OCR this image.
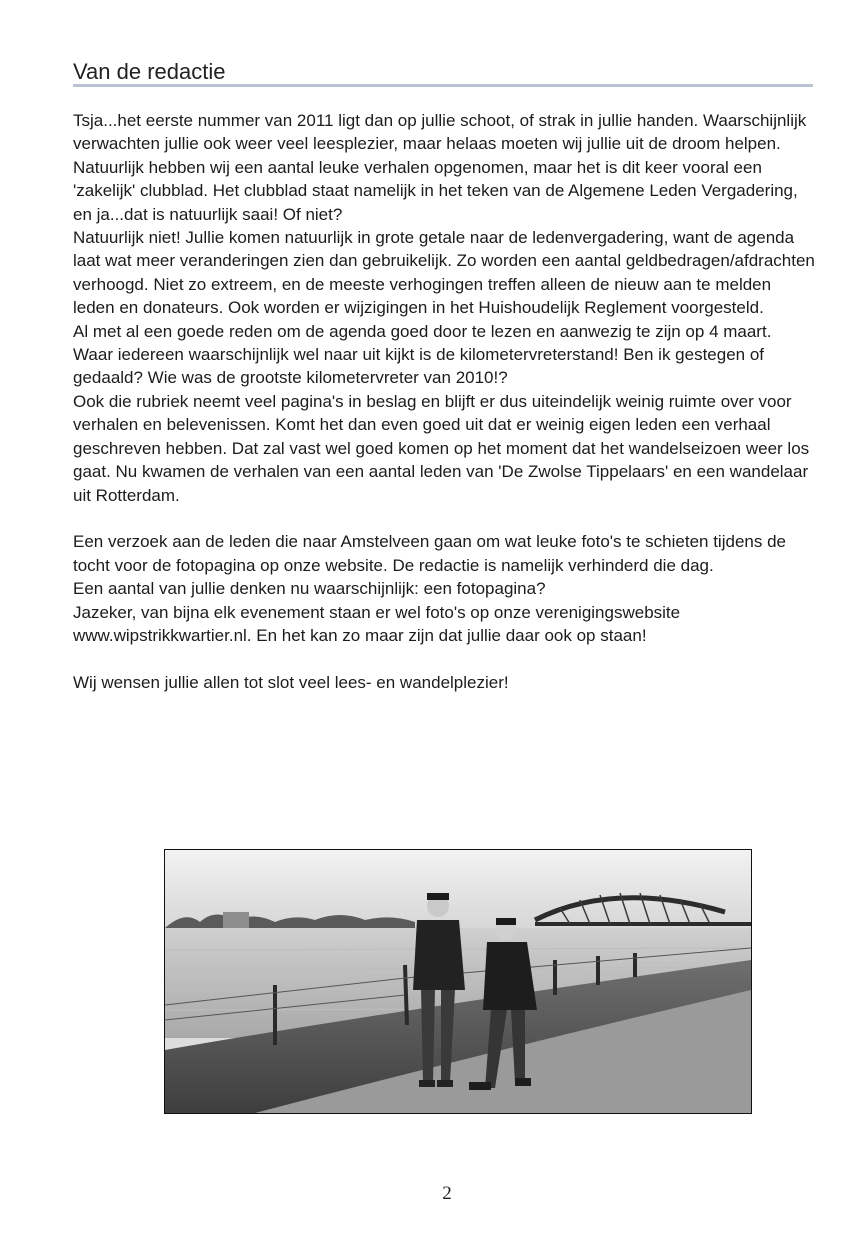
Van de redactie

Tsja...het eerste nummer van 2011 ligt dan op jullie schoot, of strak in jullie handen. Waarschijnlijk verwachten jullie ook weer veel leesplezier, maar helaas moeten wij jullie uit de droom helpen. Natuurlijk hebben wij een aantal leuke verhalen opgenomen, maar het is dit keer vooral een 'zakelijk' clubblad. Het clubblad staat namelijk in het teken van de Algemene Leden Vergadering, en ja...dat is natuurlijk saai! Of niet?

Natuurlijk niet! Jullie komen natuurlijk in grote getale naar de ledenvergadering, want de agenda laat wat meer veranderingen zien dan gebruikelijk. Zo worden een aantal geldbedragen/afdrachten verhoogd. Niet zo extreem, en de meeste verhogingen treffen alleen de nieuw aan te melden leden en donateurs. Ook worden er wijzigingen in het Huishoudelijk Reglement voorgesteld.

Al met al een goede reden om de agenda goed door te lezen en aanwezig te zijn op 4 maart.

Waar iedereen waarschijnlijk wel naar uit kijkt is de kilometervreterstand! Ben ik gestegen of gedaald? Wie was de grootste kilometervreter van 2010!?

Ook die rubriek neemt veel pagina's in beslag en blijft er dus uiteindelijk weinig ruimte over voor verhalen en belevenissen. Komt het dan even goed uit dat er weinig eigen leden een verhaal geschreven hebben. Dat zal vast wel goed komen op het moment dat het wandelseizoen weer los gaat. Nu kwamen de verhalen van een aantal leden van 'De Zwolse Tippelaars' en een wandelaar uit Rotterdam.

Een verzoek aan de leden die naar Amstelveen gaan om wat leuke foto's te schieten tijdens de tocht voor de fotopagina op onze website. De redactie is namelijk verhinderd die dag.

Een aantal van jullie denken nu waarschijnlijk: een fotopagina?

Jazeker, van bijna elk evenement staan er wel foto's op onze verenigingswebsite www.wipstrikkwartier.nl. En het kan zo maar zijn dat jullie daar ook op staan!

Wij wensen jullie allen tot slot veel lees- en wandelplezier!

2
